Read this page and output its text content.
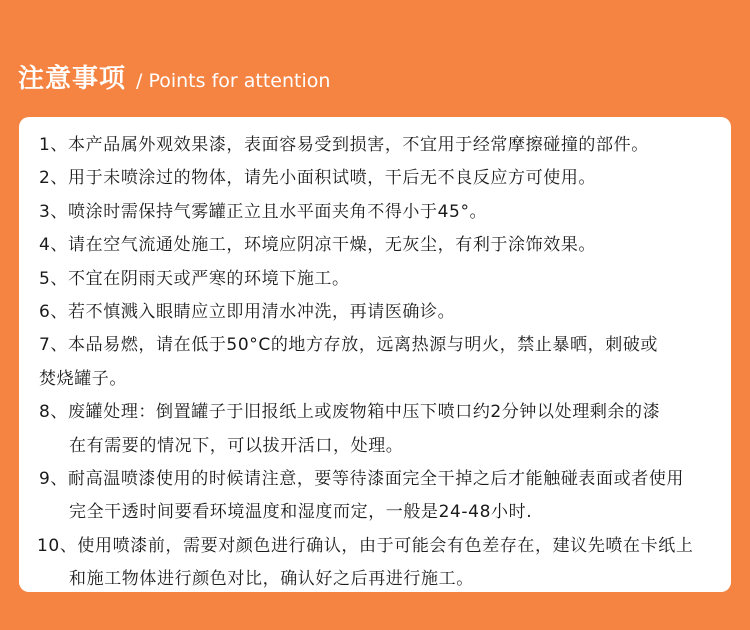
注意事项 / Points for attention
1、本产品属外观效果漆，表面容易受到损害，不宜用于经常摩擦碰撞的部件。
2、用于未喷涂过的物体，请先小面积试喷，干后无不良反应方可使用。
3、喷涂时需保持气雾罐正立且水平面夹角不得小于45°。
4、请在空气流通处施工，环境应阴凉干燥，无灰尘，有利于涂饰效果。
5、不宜在阴雨天或严寒的环境下施工。
6、若不慎溅入眼睛应立即用清水冲洗，再请医确诊。
7、本品易燃，请在低于50°C的地方存放，远离热源与明火，禁止暴晒，刺破或
焚烧罐子。
8、废罐处理：倒置罐子于旧报纸上或废物箱中压下喷口约2分钟以处理剩余的漆
在有需要的情况下，可以拔开活口，处理。
9、耐高温喷漆使用的时候请注意，要等待漆面完全干掉之后才能触碰表面或者使用
完全干透时间要看环境温度和湿度而定，一般是24-48小时.
10、使用喷漆前，需要对颜色进行确认，由于可能会有色差存在，建议先喷在卡纸上
和施工物体进行颜色对比，确认好之后再进行施工。
